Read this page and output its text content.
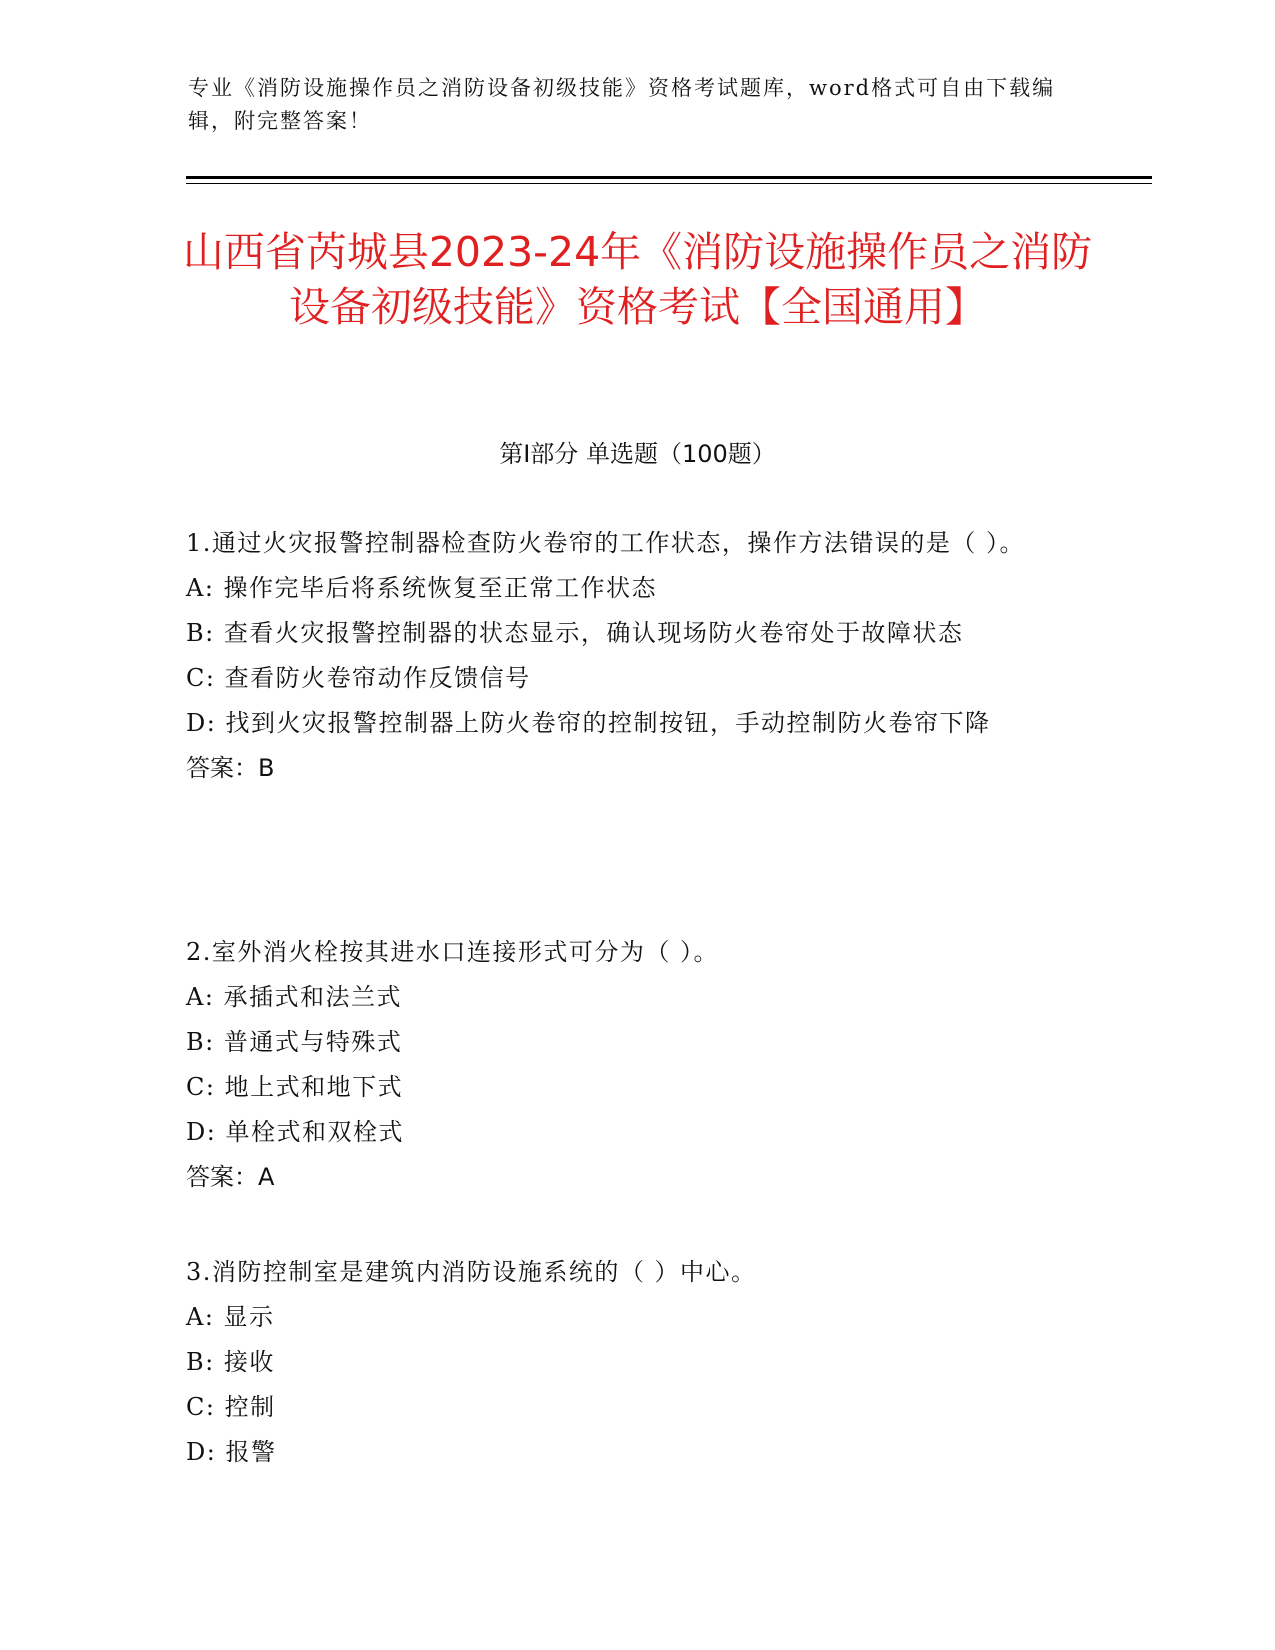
专业《消防设施操作员之消防设备初级技能》资格考试题库，word格式可自由下载编辑，附完整答案！
山西省芮城县2023-24年《消防设施操作员之消防设备初级技能》资格考试【全国通用】
第I部分 单选题（100题）
1.通过火灾报警控制器检查防火卷帘的工作状态，操作方法错误的是（ ）。
A: 操作完毕后将系统恢复至正常工作状态
B: 查看火灾报警控制器的状态显示，确认现场防火卷帘处于故障状态
C: 查看防火卷帘动作反馈信号
D: 找到火灾报警控制器上防火卷帘的控制按钮，手动控制防火卷帘下降
答案：B
2.室外消火栓按其进水口连接形式可分为（ ）。
A: 承插式和法兰式
B: 普通式与特殊式
C: 地上式和地下式
D: 单栓式和双栓式
答案：A
3.消防控制室是建筑内消防设施系统的（ ）中心。
A: 显示
B: 接收
C: 控制
D: 报警
